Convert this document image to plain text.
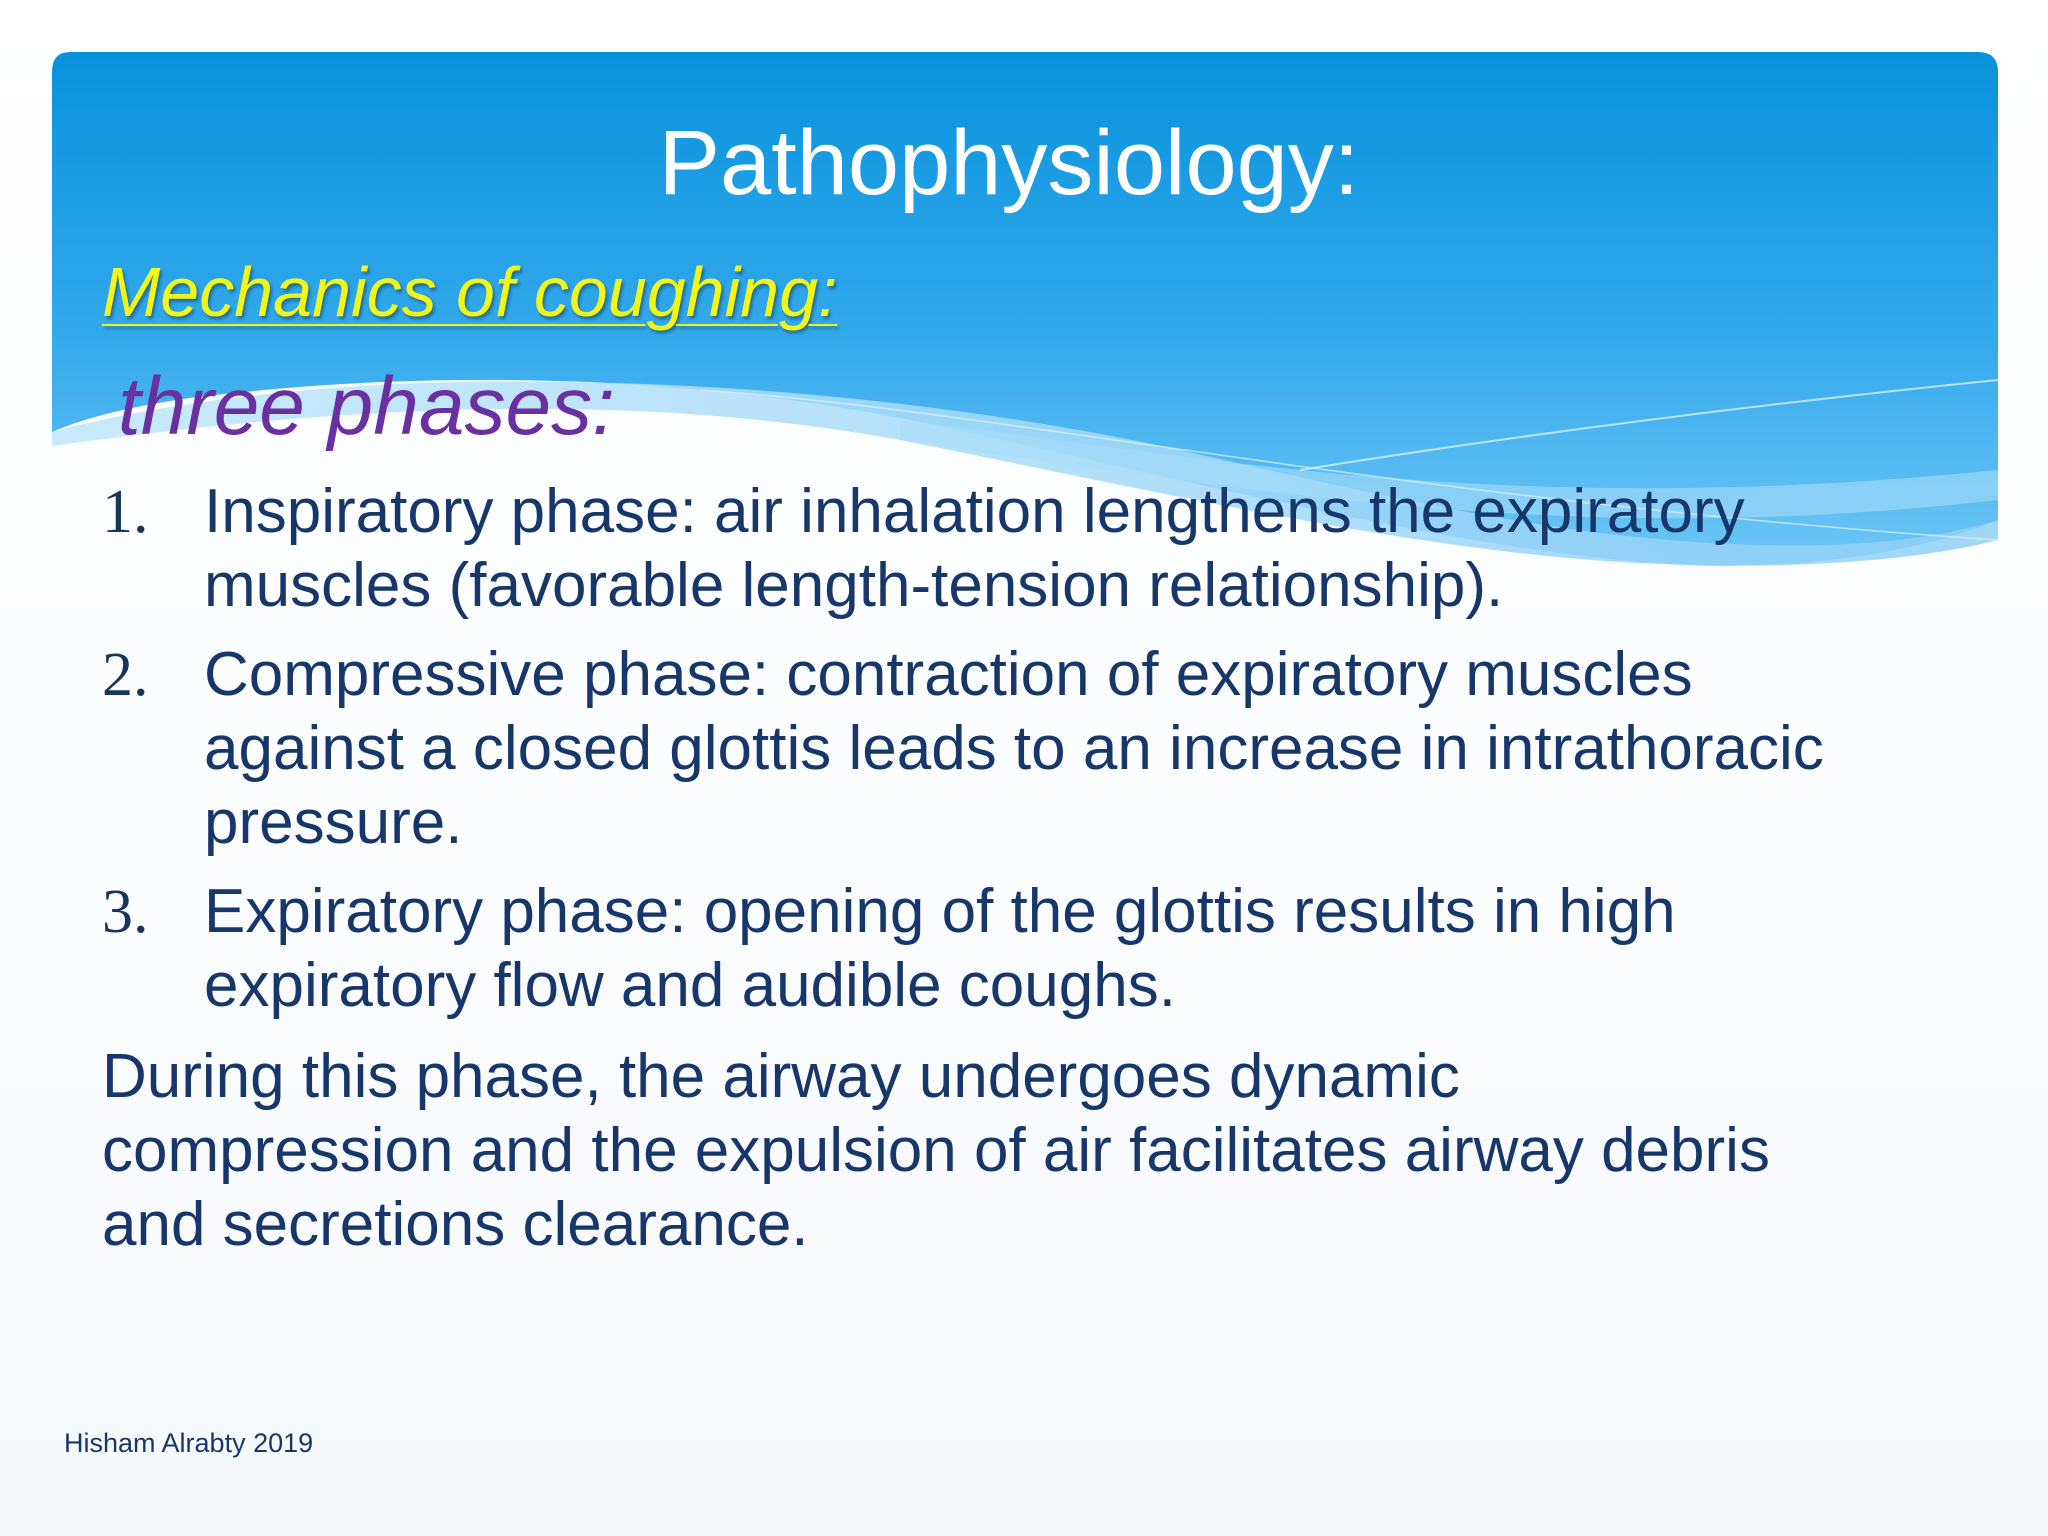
Pathophysiology:
Mechanics of coughing:
three phases:
1. Inspiratory phase: air inhalation lengthens the expiratory
muscles (favorable length-tension relationship).
2. Compressive phase: contraction of expiratory muscles
against a closed glottis leads to an increase in intrathoracic
pressure.
3. Expiratory phase: opening of the glottis results in high
expiratory flow and audible coughs.
During this phase, the airway undergoes dynamic
compression and the expulsion of air facilitates airway debris
and secretions clearance.
Hisham Alrabty 2019
